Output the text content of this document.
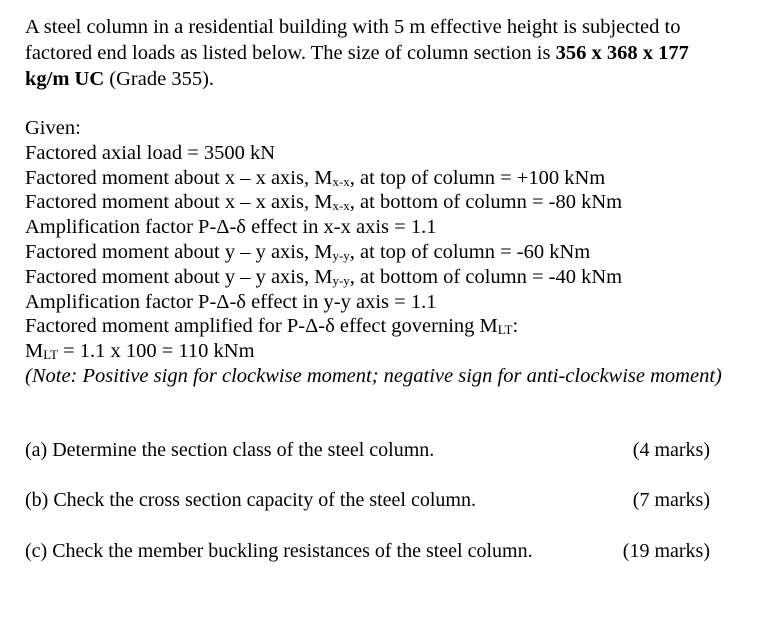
A steel column in a residential building with 5 m effective height is subjected to factored end loads as listed below. The size of column section is 356 x 368 x 177 kg/m UC (Grade 355).

Given:
Factored axial load = 3500 kN
Factored moment about x – x axis, $M_{x-x}$, at top of column = +100 kNm
Factored moment about x – x axis, $M_{x-x}$, at bottom of column = -80 kNm
Amplification factor P-Δ-δ effect in x-x axis = 1.1
Factored moment about y – y axis, $M_{y-y}$, at top of column = -60 kNm
Factored moment about y – y axis, $M_{y-y}$, at bottom of column = -40 kNm
Amplification factor P-Δ-δ effect in y-y axis = 1.1
Factored moment amplified for P-Δ-δ effect governing $M_{LT}$:
$M_{LT} = 1.1$ x 100 = 110 kNm
(Note: Positive sign for clockwise moment; negative sign for anti-clockwise moment)
(a) Determine the section class of the steel column.	(4 marks)
(b) Check the cross section capacity of the steel column.	(7 marks)
(c) Check the member buckling resistances of the steel column.	(19 marks)
